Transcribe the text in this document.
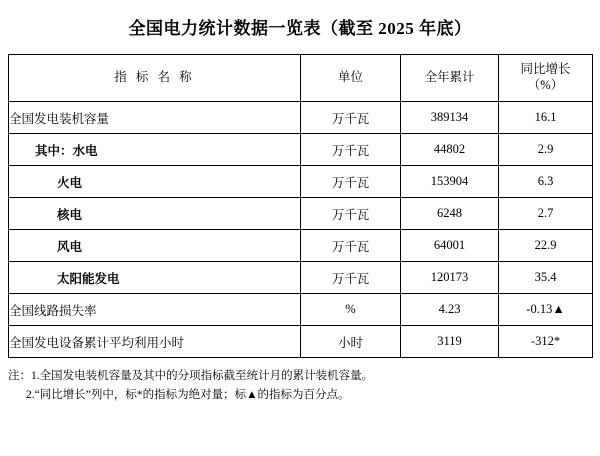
全国电力统计数据一览表（截至 2025 年底）
指 标 名 称	单位	全年累计	同比增长
（%）

全国发电装机容量	万千瓦	389134	16.1
其中：水电	万千瓦	44802	2.9
火电	万千瓦	153904	6.3
核电	万千瓦	6248	2.7
风电	万千瓦	64001	22.9
太阳能发电	万千瓦	120173	35.4
全国线路损失率	%	4.23	-0.13▲
全国发电设备累计平均利用小时	小时	3119	-312*
注：1.全国发电装机容量及其中的分项指标截至统计月的累计装机容量。
2.“同比增长”列中，标*的指标为绝对量；标▲的指标为百分点。
